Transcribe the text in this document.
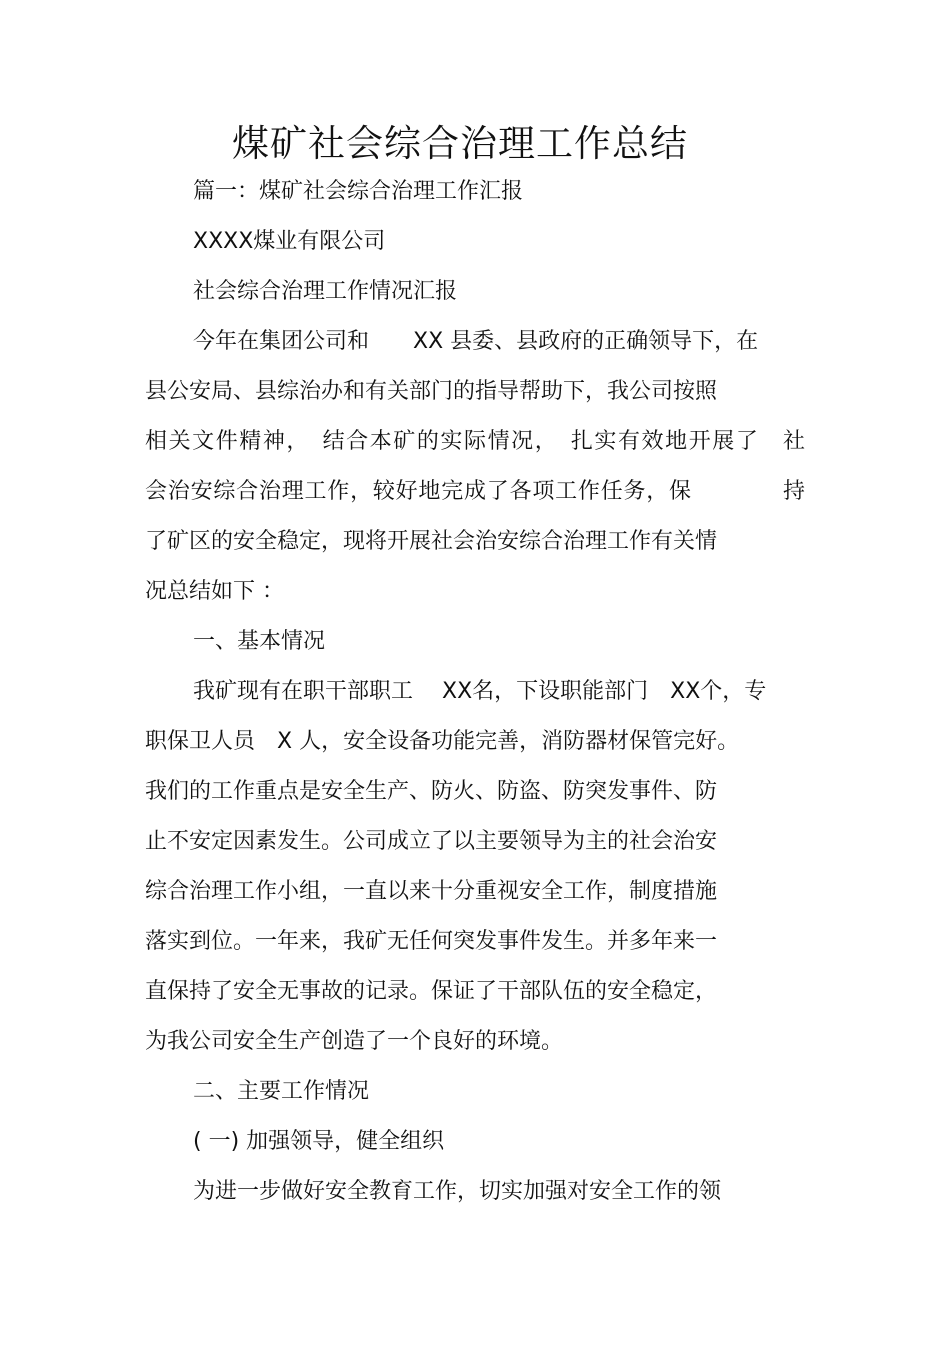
煤矿社会综合治理工作总结
篇一：煤矿社会综合治理工作汇报
XXXX煤业有限公司
社会综合治理工作情况汇报
今年在集团公司和　　XX 县委、县政府的正确领导下，在
县公安局、县综治办和有关部门的指导帮助下，我公司按照
相关文件精神，　结合本矿的实际情况，　扎实有效地开展了　社
会治安综合治理工作，较好地完成了各项工作任务，保　　　　持
了矿区的安全稳定，现将开展社会治安综合治理工作有关情
况总结如下 ：
一、基本情况
我矿现有在职干部职工　 XX名，下设职能部门　XX个，专
职保卫人员　X 人，安全设备功能完善，消防器材保管完好。
我们的工作重点是安全生产、防火、防盗、防突发事件、防
止不安定因素发生。公司成立了以主要领导为主的社会治安
综合治理工作小组，一直以来十分重视安全工作，制度措施
落实到位。一年来，我矿无任何突发事件发生。并多年来一
直保持了安全无事故的记录。保证了干部队伍的安全稳定，
为我公司安全生产创造了一个良好的环境。
二、主要工作情况
( 一) 加强领导，健全组织
为进一步做好安全教育工作，切实加强对安全工作的领
